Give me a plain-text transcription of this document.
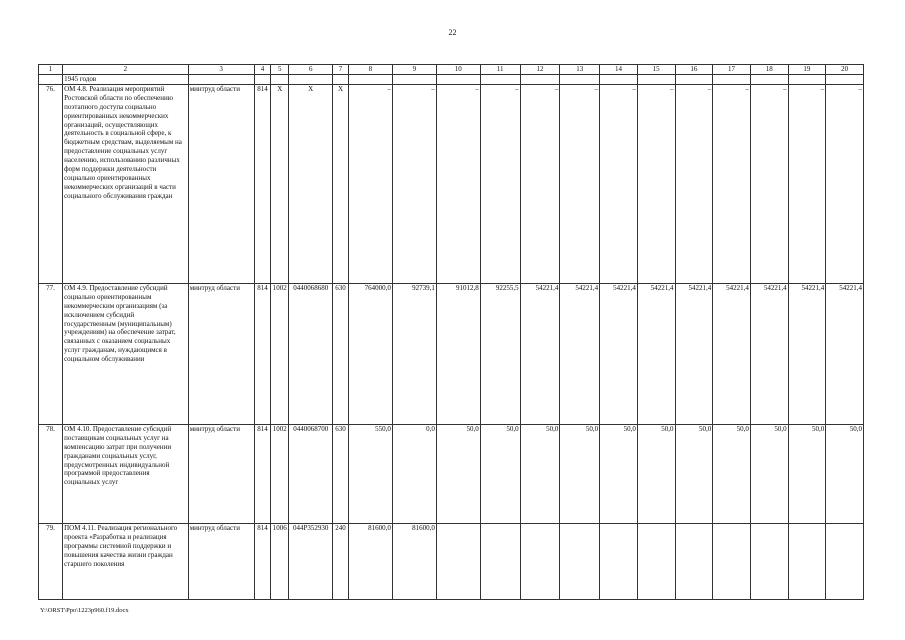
22
1	2	3	4	5	6	7	8	9	10	11	12	13	14	15	16	17	18	19	20
	1945 годов																		
76.	ОМ 4.8. Реализация мероприятий Ростовской области по обеспечению поэтапного доступа социально ориентированных некоммерческих организаций, осуществляющих деятельность в социальной сфере, к бюджетным средствам, выделяемым на предоставление социальных услуг населению, использованию различных форм поддержки деятельности социально ориентированных некоммерческих организаций в части социального обслуживания граждан	минтруд области	814	Х	Х	Х	–	–	–	–	–	–	–	–	–	–	–	–	–
77.	ОМ 4.9. Предоставление субсидий социально ориентированным некоммерческим организациям (за исключением субсидий государственным (муниципальным) учреждениям) на обеспечение затрат, связанных с оказанием социальных услуг гражданам, нуждающимся в социальном обслуживании	минтруд области	814	1002	0440068680	630	764000,0	92739,1	91012,8	92255,5	54221,4	54221,4	54221,4	54221,4	54221,4	54221,4	54221,4	54221,4	54221,4
78.	ОМ 4.10. Предоставление субсидий поставщикам социальных услуг на компенсацию затрат при получении гражданами социальных услуг, предусмотренных индивидуальной программой предоставления социальных услуг	минтруд области	814	1002	0440068700	630	550,0	0,0	50,0	50,0	50,0	50,0	50,0	50,0	50,0	50,0	50,0	50,0	50,0
79.	ПОМ 4.11. Реализация регионального проекта «Разработка и реализация программы системной поддержки и повышения качества жизни граждан старшего поколения	минтруд области	814	1006	044P352930	240	81600,0	81600,0											
Y:\ORST\Ppo\1223p960.f19.docx
